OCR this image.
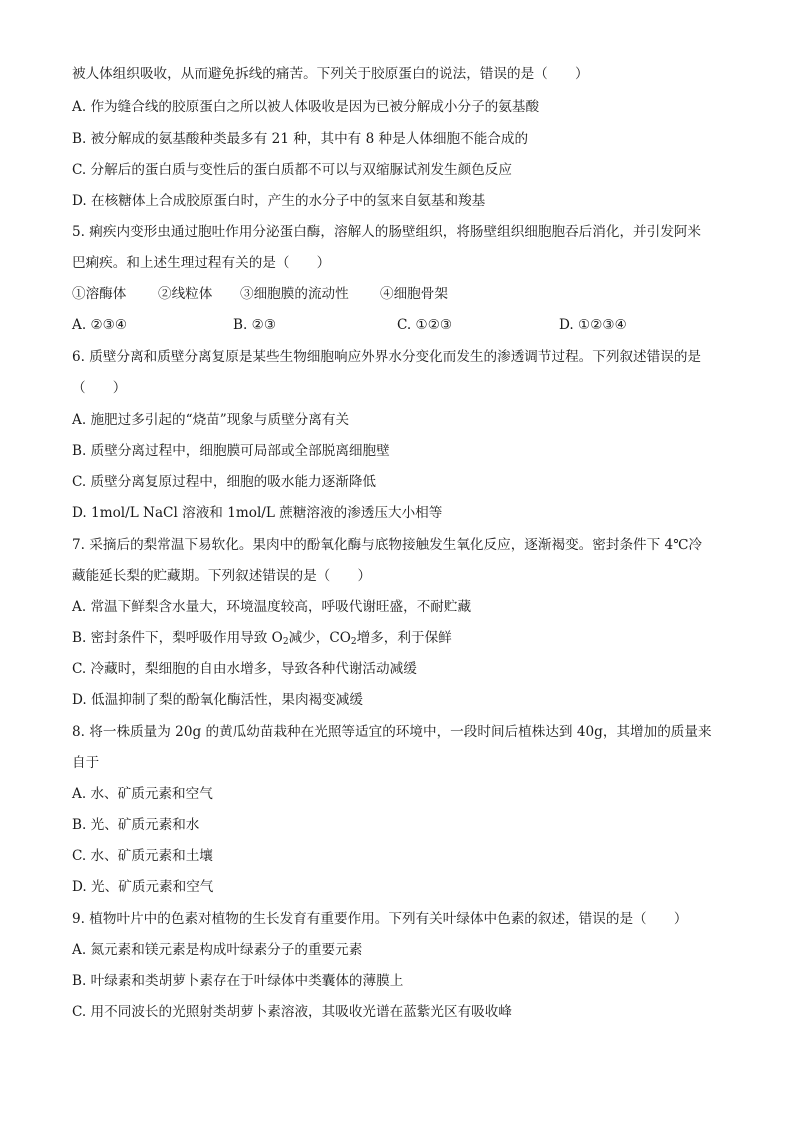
被人体组织吸收，从而避免拆线的痛苦。下列关于胶原蛋白的说法，错误的是（　　）
A. 作为缝合线的胶原蛋白之所以被人体吸收是因为已被分解成小分子的氨基酸
B. 被分解成的氨基酸种类最多有 21 种，其中有 8 种是人体细胞不能合成的
C. 分解后的蛋白质与变性后的蛋白质都不可以与双缩脲试剂发生颜色反应
D. 在核糖体上合成胶原蛋白时，产生的水分子中的氢来自氨基和羧基
5. 痢疾内变形虫通过胞吐作用分泌蛋白酶，溶解人的肠壁组织，将肠壁组织细胞胞吞后消化，并引发阿米
巴痢疾。和上述生理过程有关的是（　　）
①溶酶体 ②线粒体 ③细胞膜的流动性 ④细胞骨架
A. ②③④	B. ②③	C. ①②③	D. ①②③④
6. 质壁分离和质壁分离复原是某些生物细胞响应外界水分变化而发生的渗透调节过程。下列叙述错误的是
（　　）
A. 施肥过多引起的“烧苗”现象与质壁分离有关
B. 质壁分离过程中，细胞膜可局部或全部脱离细胞壁
C. 质壁分离复原过程中，细胞的吸水能力逐渐降低
D. 1mol/L NaCl 溶液和 1mol/L 蔗糖溶液的渗透压大小相等
7. 采摘后的梨常温下易软化。果肉中的酚氧化酶与底物接触发生氧化反应，逐渐褐变。密封条件下 4℃冷
藏能延长梨的贮藏期。下列叙述错误的是（　　）
A. 常温下鲜梨含水量大，环境温度较高，呼吸代谢旺盛，不耐贮藏
B. 密封条件下，梨呼吸作用导致 $O_2$减少，$CO_2$增多，利于保鲜
C. 冷藏时，梨细胞的自由水增多，导致各种代谢活动减缓
D. 低温抑制了梨的酚氧化酶活性，果肉褐变减缓
8. 将一株质量为 20g 的黄瓜幼苗栽种在光照等适宜的环境中，一段时间后植株达到 40g，其增加的质量来
自于
A. 水、矿质元素和空气
B. 光、矿质元素和水
C. 水、矿质元素和土壤
D. 光、矿质元素和空气
9. 植物叶片中的色素对植物的生长发育有重要作用。下列有关叶绿体中色素的叙述，错误的是（　　）
A. 氮元素和镁元素是构成叶绿素分子的重要元素
B. 叶绿素和类胡萝卜素存在于叶绿体中类囊体的薄膜上
C. 用不同波长的光照射类胡萝卜素溶液，其吸收光谱在蓝紫光区有吸收峰
